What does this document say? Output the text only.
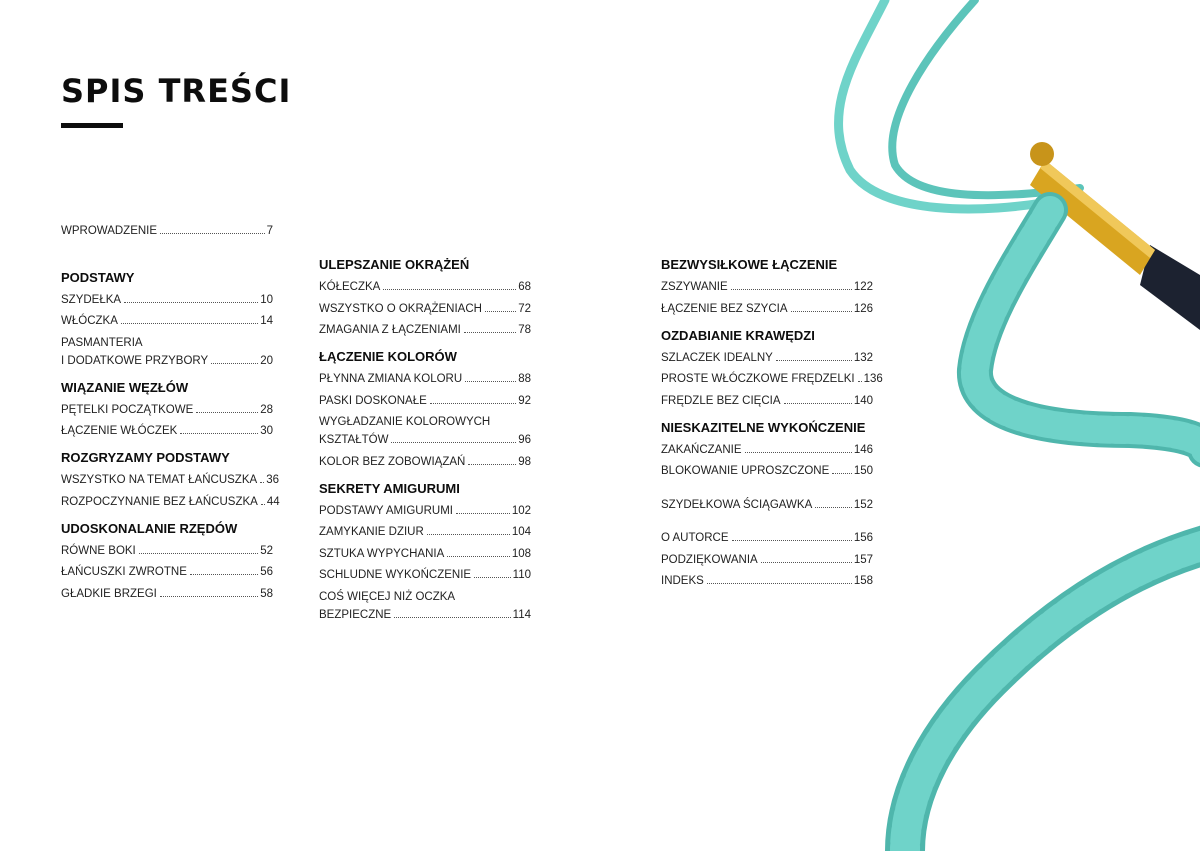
SPIS TREŚCI
WPROWADZENIE	7
PODSTAWY
SZYDEŁKA	10
WŁÓCZKA	14
PASMANTERIA
I DODATKOWE PRZYBORY	20
WIĄZANIE WĘZŁÓW
PĘTELKI POCZĄTKOWE	28
ŁĄCZENIE WŁÓCZEK	30
ROZGRYZAMY PODSTAWY
WSZYSTKO NA TEMAT ŁAŃCUSZKA 36
ROZPOCZYNANIE BEZ ŁAŃCUSZKA 44
UDOSKONALANIE RZĘDÓW
RÓWNE BOKI	52
ŁAŃCUSZKI ZWROTNE	56
GŁADKIE BRZEGI	58
ULEPSZANIE OKRĄŻEŃ
KÓŁECZKA	68
WSZYSTKO O OKRĄŻENIACH	72
ZMAGANIA Z ŁĄCZENIAMI	78
ŁĄCZENIE KOLORÓW
PŁYNNA ZMIANA KOLORU	88
PASKI DOSKONAŁE	92
WYGŁADZANIE KOLOROWYCH
KSZTAŁTÓW	96
KOLOR BEZ ZOBOWIĄZAŃ	98
SEKRETY AMIGURUMI
PODSTAWY AMIGURUMI	102
ZAMYKANIE DZIUR	104
SZTUKA WYPYCHANIA	108
SCHLUDNE WYKOŃCZENIE	110
COŚ WIĘCEJ NIŻ OCZKA
BEZPIECZNE	114
BEZWYSIŁKOWE ŁĄCZENIE
ZSZYWANIE	122
ŁĄCZENIE BEZ SZYCIA	126
OZDABIANIE KRAWĘDZI
SZLACZEK IDEALNY	132
PROSTE WŁÓCZKOWE FRĘDZELKI 136
FRĘDZLE BEZ CIĘCIA	140
NIESKAZITELNE WYKOŃCZENIE
ZAKAŃCZANIE	146
BLOKOWANIE UPROSZCZONE 150
SZYDEŁKOWA ŚCIĄGAWKA	152
O AUTORCE	156
PODZIĘKOWANIA	157
INDEKS	158
